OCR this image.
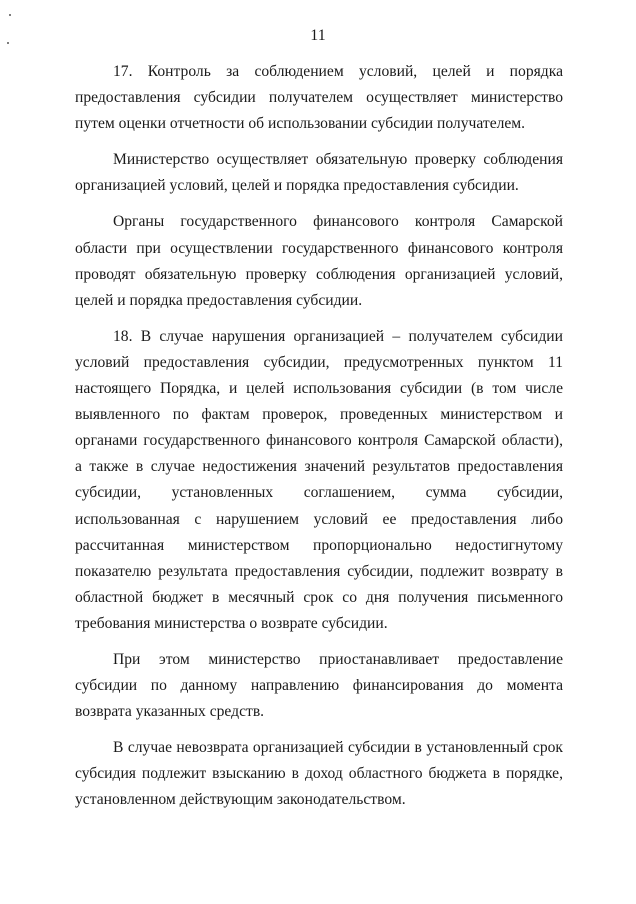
11

17. Контроль за соблюдением условий, целей и порядка предоставления субсидии получателем осуществляет министерство путем оценки отчетности об использовании субсидии получателем.

Министерство осуществляет обязательную проверку соблюдения организацией условий, целей и порядка предоставления субсидии.

Органы государственного финансового контроля Самарской области при осуществлении государственного финансового контроля проводят обязательную проверку соблюдения организацией условий, целей и порядка предоставления субсидии.

18. В случае нарушения организацией – получателем субсидии условий предоставления субсидии, предусмотренных пунктом 11 настоящего Порядка, и целей использования субсидии (в том числе выявленного по фактам проверок, проведенных министерством и органами государственного финансового контроля Самарской области), а также в случае недостижения значений результатов предоставления субсидии, установленных соглашением, сумма субсидии, использованная с нарушением условий ее предоставления либо рассчитанная министерством пропорционально недостигнутому показателю результата предоставления субсидии, подлежит возврату в областной бюджет в месячный срок со дня получения письменного требования министерства о возврате субсидии.

При этом министерство приостанавливает предоставление субсидии по данному направлению финансирования до момента возврата указанных средств.

В случае невозврата организацией субсидии в установленный срок субсидия подлежит взысканию в доход областного бюджета в порядке, установленном действующим законодательством.
